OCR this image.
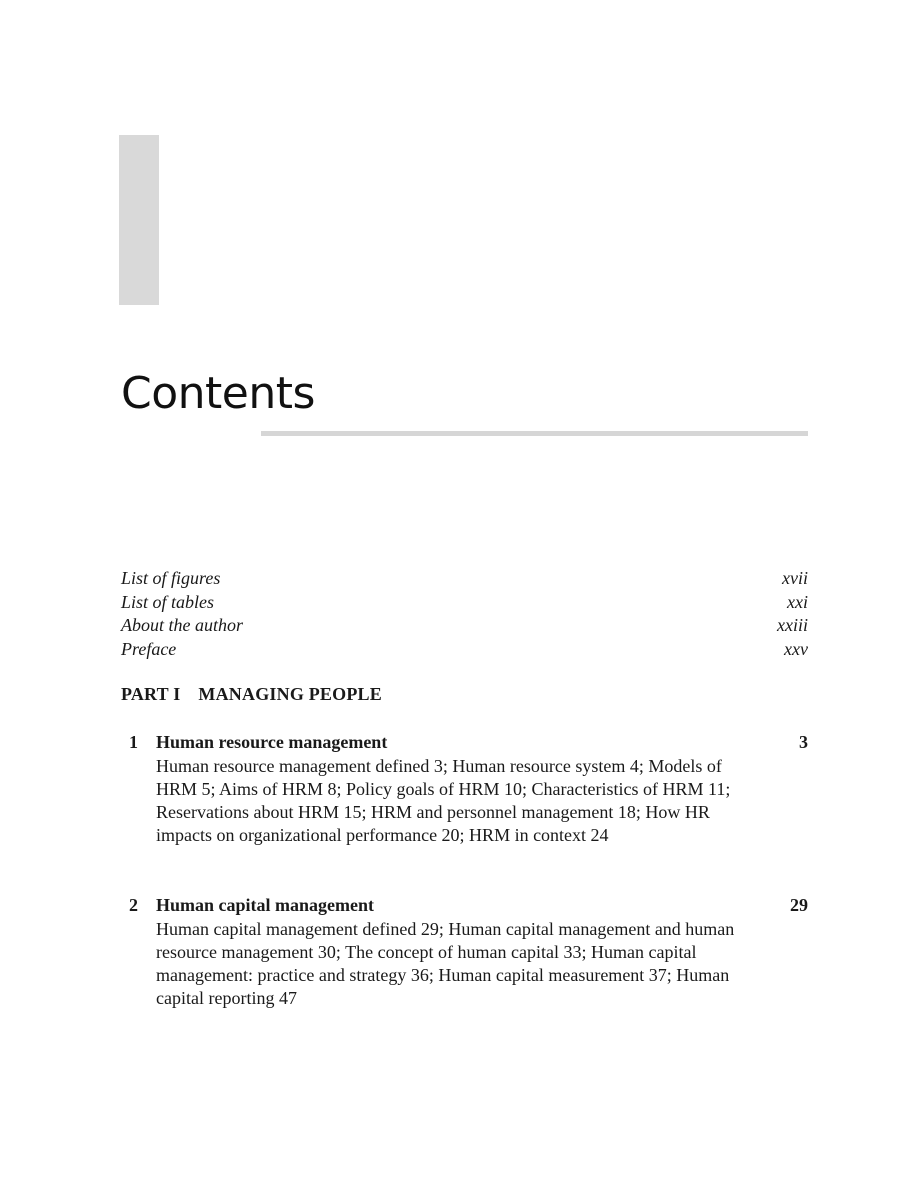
Contents
List of figures	xvii
List of tables	xxi
About the author	xxiii
Preface	xxv
PART I MANAGING PEOPLE
1	Human resource management	3
Human resource management defined 3; Human resource system 4; Models of HRM 5; Aims of HRM 8; Policy goals of HRM 10; Characteristics of HRM 11; Reservations about HRM 15; HRM and personnel management 18; How HR impacts on organizational performance 20; HRM in context 24
2	Human capital management	29
Human capital management defined 29; Human capital management and human resource management 30; The concept of human capital 33; Human capital management: practice and strategy 36; Human capital measurement 37; Human capital reporting 47
